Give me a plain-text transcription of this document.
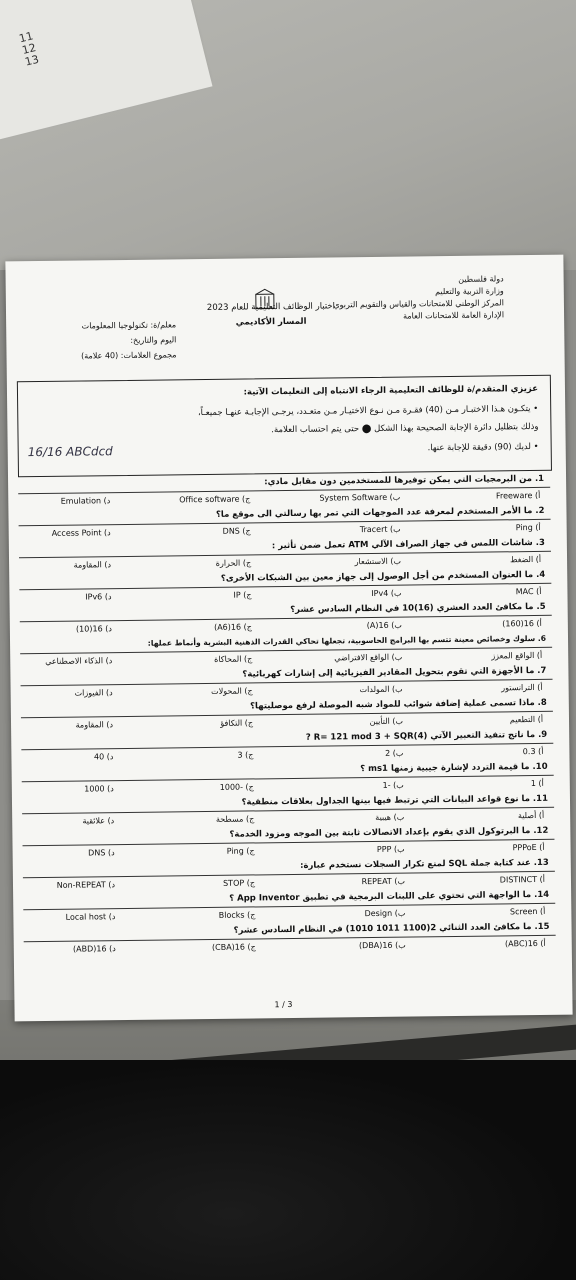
11
12
13
دولة فلسطين
وزارة التربية والتعليم
المركز الوطني للامتحانات والقياس والتقويم التربوي
الإدارة العامة للامتحانات العامة
اختبار الوظائف التعليمية للعام 2023
المسار الأكاديمي
معلم/ة: تكنولوجيا المعلومات
اليوم والتاريخ:
مجموع العلامات: (40 علامة)
عزيزي المتقدم/ة للوظائف التعليمية الرجاء الانتباه إلى التعليمات الآتية:
• يتكـون هـذا الاختبـار مـن (40) فقـرة مـن نـوع الاختيـار مـن متعـدد، يرجـى الإجابـة عنهـا جميعـاً،
وذلك بتظليل دائرة الإجابة الصحيحة بهذا الشكل ⬤ حتى يتم احتساب العلامة.
• لديك (90) دقيقة للإجابة عنها.
16/16 ABCdcd
1. من البرمجيات التي يمكن توفيرها للمستخدمين دون مقابل مادي:
أ) Freeware
ب) System Software
ج) Office software
د) Emulation
2. ما الأمر المستخدم لمعرفة عدد الموجهات التي تمر بها رسالتي الى موقع ما؟
أ) Ping
ب) Tracert
ج) DNS
د) Access Point
3. شاشات اللمس في جهاز الصراف الآلي ATM تعمل ضمن تأثير :
أ) الضغط
ب) الاستشعار
ج) الحرارة
د) المقاومة
4. ما العنوان المستخدم من أجل الوصول إلى جهاز معين بين الشبكات الأخرى؟
أ) MAC
ب) IPv4
ج) IP
د) IPv6
5. ما مكافئ العدد العشري (16)10 في النظام السادس عشر؟
أ) 16(160)
ب) 16(A)
ج) 16(A6)
د) 16(10)
6. سلوك وخصائص معينة تتسم بها البرامج الحاسوبية، تجعلها تحاكي القدرات الذهنية البشرية وأنماط عملها:
أ) الواقع المعزز
ب) الواقع الافتراضي
ج) المحاكاة
د) الذكاء الاصطناعي
7. ما الأجهزة التي تقوم بتحويل المقادير الفيزيائية إلى إشارات كهربائية؟
أ) الترانستور
ب) المولدات
ج) المحولات
د) الفيوزات
8. ماذا تسمى عملية إضافة شوائب للمواد شبه الموصلة لرفع موصليتها؟
أ) التطعيم
ب) التأيين
ج) التكافؤ
د) المقاومة
9. ما ناتج تنفيذ التعبير الآتي R= 121 mod 3 + SQR(4) ?
أ) 0.3
ب) 2
ج) 3
د) 40
10. ما قيمة التردد لإشارة جيبية زمنها ms1 ؟
أ) 1
ب) -1
ج) -1000
د) 1000
11. ما نوع قواعد البيانات التي ترتبط فيها بينها الجداول بعلاقات منطقية؟
أ) أصلية
ب) هيبية
ج) مسطحة
د) علائقية
12. ما البرتوكول الذي يقوم بإعداد الاتصالات ثابتة بين الموجه ومزود الخدمة؟
أ) PPPoE
ب) PPP
ج) Ping
د) DNS
13. عند كتابة جملة SQL لمنع تكرار السجلات نستخدم عبارة:
أ) DISTINCT
ب) REPEAT
ج) STOP
د) Non-REPEAT
14. ما الواجهة التي تحتوي على اللبنات البرمجية في تطبيق App Inventor ؟
أ) Screen
ب) Design
ج) Blocks
د) Local host
15. ما مكافئ العدد الثنائي 2(1100 1011 1010) في النظام السادس عشر؟
أ) 16(ABC)
ب) 16(DBA)
ج) 16(CBA)
د) 16(ABD)
3 / 1
